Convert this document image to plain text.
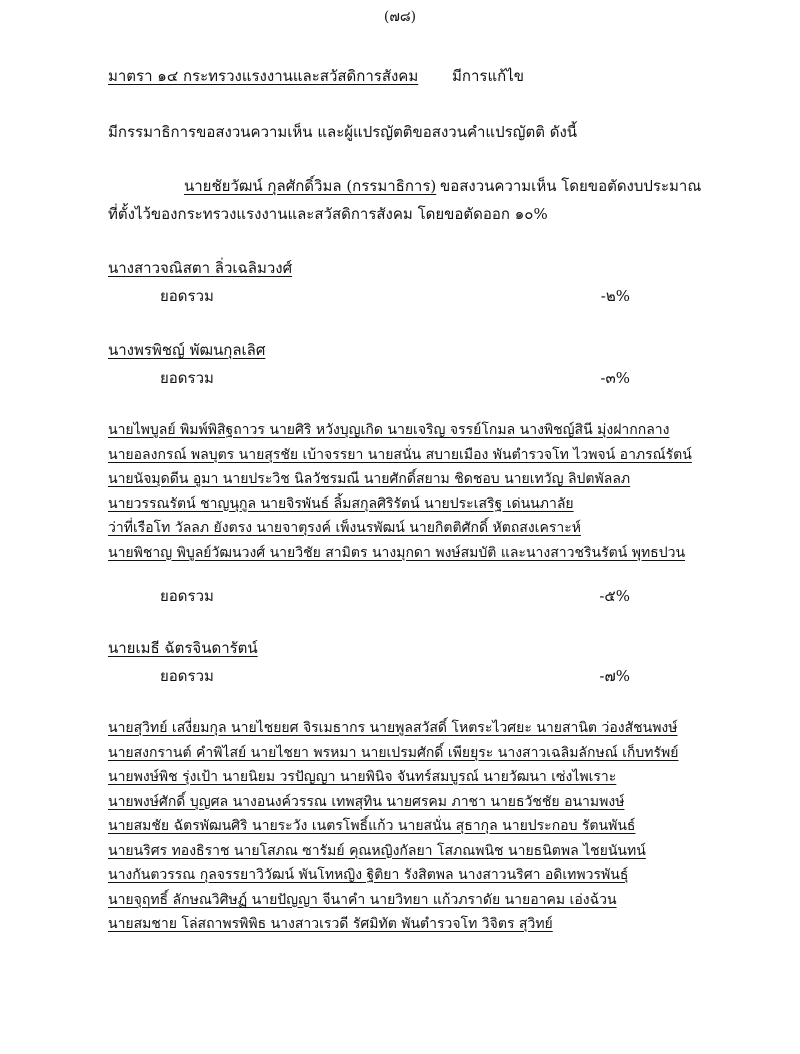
(๗๘)
มาตรา ๑๔ กระทรวงแรงงานและสวัสดิการสังคม มีการแก้ไข
มีกรรมาธิการขอสงวนความเห็น และผู้แปรญัตติขอสงวนคำแปรญัตติ ดังนี้
นายชัยวัฒน์ กุลศักดิ์วิมล (กรรมาธิการ) ขอสงวนความเห็น โดยขอตัดงบประมาณ
ที่ตั้งไว้ของกระทรวงแรงงานและสวัสดิการสังคม โดยขอตัดออก ๑๐%
นางสาวจณิสตา ลิ่วเฉลิมวงศ์
ยอดรวม	-๒%
นางพรพิชญ์ พัฒนกุลเลิศ
ยอดรวม	-๓%
นายไพบูลย์ พิมพ์พิสิฐถาวร นายศิริ หวังบุญเกิด นายเจริญ จรรย์โกมล นางพิชญ์สินี มุ่งฝากกลาง
นายอลงกรณ์ พลบุตร นายสุรชัย เบ้าจรรยา นายสนั่น สบายเมือง พันตำรวจโท ไวพจน์ อาภรณ์รัตน์
นายนัจมุดดีน อูมา นายประวิช นิลวัชรมณี นายศักดิ์สยาม ชิดชอบ นายเทวัญ ลิปตพัลลภ
นายวรรณรัตน์ ชาญนุกูล นายจิรพันธ์ ลิ้มสกุลศิริรัตน์ นายประเสริฐ เด่นนภาลัย
ว่าที่เรือโท วัลลภ ยังตรง นายจาตุรงค์ เพ็งนรพัฒน์ นายกิตติศักดิ์ หัตถสงเคราะห์
นายพิชาญ พิบูลย์วัฒนวงศ์ นายวิชัย สามิตร นางมุกดา พงษ์สมบัติ และนางสาวชรินรัตน์ พุทธปวน
ยอดรวม	-๕%
นายเมธี ฉัตรจินดารัตน์
ยอดรวม	-๗%
นายสุวิทย์ เสงี่ยมกุล นายไชยยศ จิรเมธากร นายพูลสวัสดิ์ โหตระไวศยะ นายสานิต ว่องสัชนพงษ์
นายสงกรานต์ คำพิไสย์ นายไชยา พรหมา นายเปรมศักดิ์ เพียยุระ นางสาวเฉลิมลักษณ์ เก็บทรัพย์
นายพงษ์พิช รุ่งเป้า นายนิยม วรปัญญา นายพินิจ จันทร์สมบูรณ์ นายวัฒนา เซ่งไพเราะ
นายพงษ์ศักดิ์ บุญศล นางอนงค์วรรณ เทพสุทิน นายศรคม ภาชา นายธวัชชัย อนามพงษ์
นายสมชัย ฉัตรพัฒนศิริ นายระวัง เนตรโพธิ์แก้ว นายสนั่น สุธากุล นายประกอบ รัตนพันธ์
นายนริศร ทองธิราช นายโสภณ ซารัมย์ คุณหญิงกัลยา โสภณพนิช นายธนิตพล ไชยนันทน์
นางกันตวรรณ กุลจรรยาวิวัฒน์ พันโทหญิง ฐิติยา รังสิตพล นางสาวนริศา อดิเทพวรพันธุ์
นายจุฤทธิ์ ลักษณวิศิษฏ์ นายปัญญา จีนาคำ นายวิทยา แก้วภราดัย นายอาคม เอ่งฉ้วน
นายสมชาย โล่สถาพรพิพิธ นางสาวเรวดี รัศมิทัต พันตำรวจโท วิจิตร สุวิทย์
